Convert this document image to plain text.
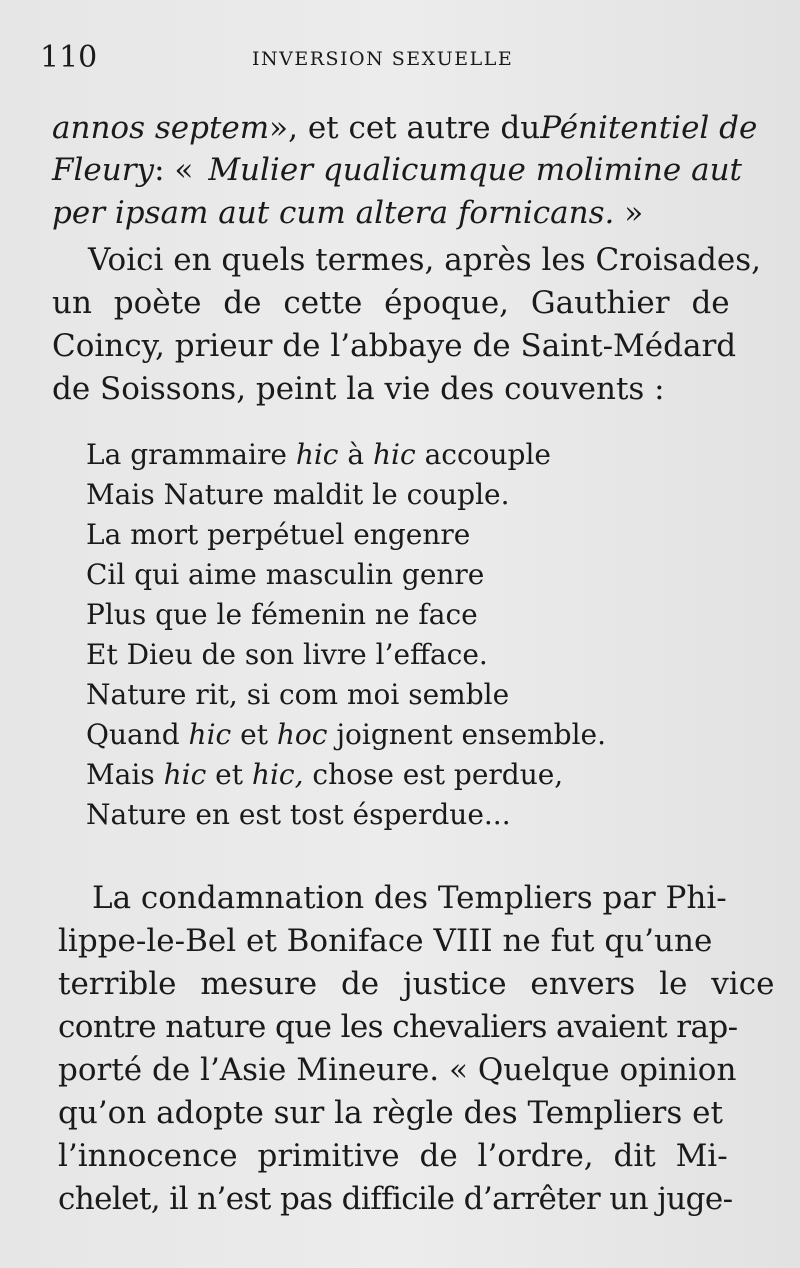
110	INVERSION SEXUELLE
annos septem », et cet autre du Pénitentiel de
Fleury: « Mulier qualicumque molimine aut
per ipsam aut cum altera fornicans.
»
Voici en quels termes, après les Croisades,
un poète de cette époque, Gauthier de
Coincy, prieur de l’abbaye de Saint-Médard
de Soissons, peint la vie des couvents :
La grammaire hic à hic accouple
Mais Nature maldit le couple.
La mort perpétuel engenre
Cil qui aime masculin genre
Plus que le fémenin ne face
Et Dieu de son livre l’efface.
Nature rit, si com moi semble
Quand hic et hoc joignent ensemble.
Mais hic et hic, chose est perdue,
Nature en est tost ésperdue...
La condamnation des Templiers par Phi-
lippe-le-Bel et Boniface VIII ne fut qu’une
terrible mesure de justice envers le vice
contre nature que les chevaliers avaient rap-
porté de l’Asie Mineure. « Quelque opinion
qu’on adopte sur la règle des Templiers et
l’innocence primitive de l’ordre, dit Mi-
chelet, il n’est pas difficile d’arrêter un juge-
